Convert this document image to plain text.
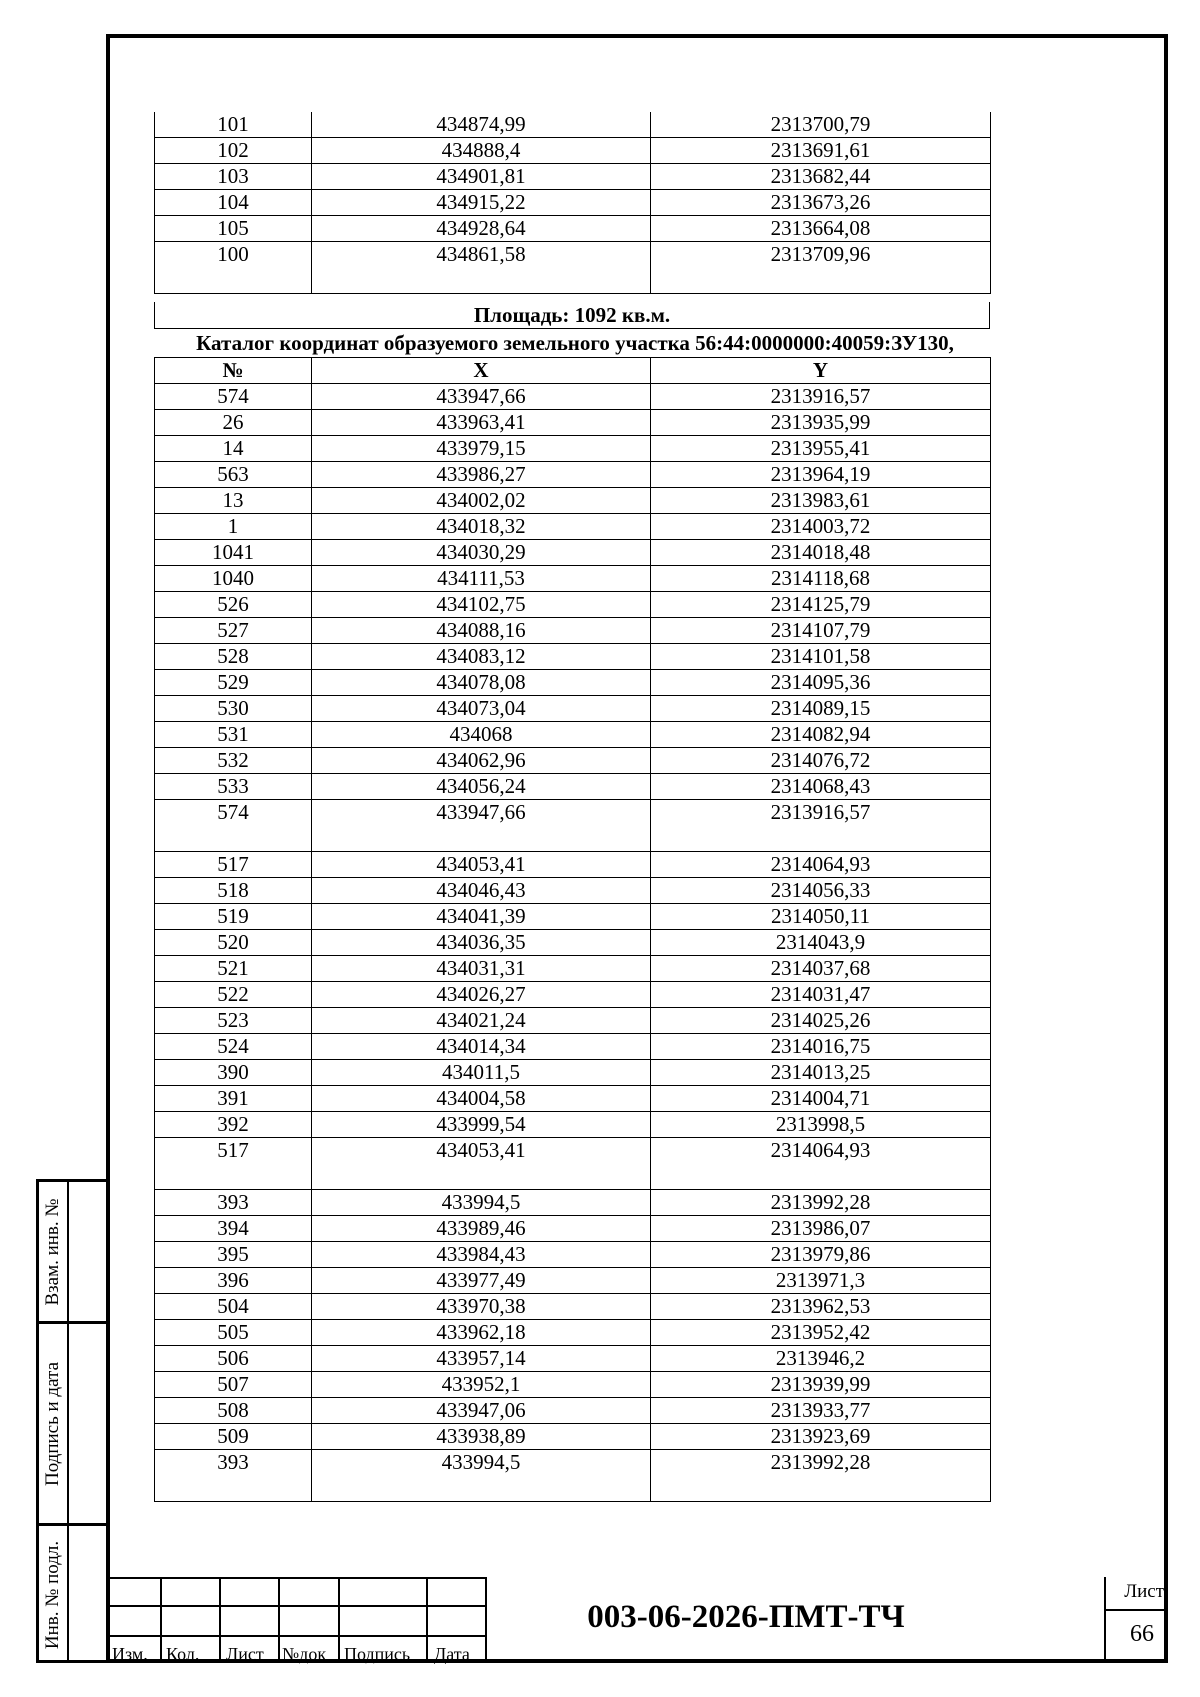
Взам. инв. №
Подпись и дата
Инв. № подл.
101	434874,99	2313700,79
102	434888,4	2313691,61
103	434901,81	2313682,44
104	434915,22	2313673,26
105	434928,64	2313664,08
100	434861,58	2313709,96
Площадь: 1092 кв.м.
Каталог координат образуемого земельного участка 56:44:0000000:40059:ЗУ130,
№	X	Y
574	433947,66	2313916,57
26	433963,41	2313935,99
14	433979,15	2313955,41
563	433986,27	2313964,19
13	434002,02	2313983,61
1	434018,32	2314003,72
1041	434030,29	2314018,48
1040	434111,53	2314118,68
526	434102,75	2314125,79
527	434088,16	2314107,79
528	434083,12	2314101,58
529	434078,08	2314095,36
530	434073,04	2314089,15
531	434068	2314082,94
532	434062,96	2314076,72
533	434056,24	2314068,43
574	433947,66	2313916,57
517	434053,41	2314064,93
518	434046,43	2314056,33
519	434041,39	2314050,11
520	434036,35	2314043,9
521	434031,31	2314037,68
522	434026,27	2314031,47
523	434021,24	2314025,26
524	434014,34	2314016,75
390	434011,5	2314013,25
391	434004,58	2314004,71
392	433999,54	2313998,5
517	434053,41	2314064,93
393	433994,5	2313992,28
394	433989,46	2313986,07
395	433984,43	2313979,86
396	433977,49	2313971,3
504	433970,38	2313962,53
505	433962,18	2313952,42
506	433957,14	2313946,2
507	433952,1	2313939,99
508	433947,06	2313933,77
509	433938,89	2313923,69
393	433994,5	2313992,28
Изм. Кол. Лист №док Подпись Дата
003-06-2026-ПМТ-ТЧ
Лист
66
